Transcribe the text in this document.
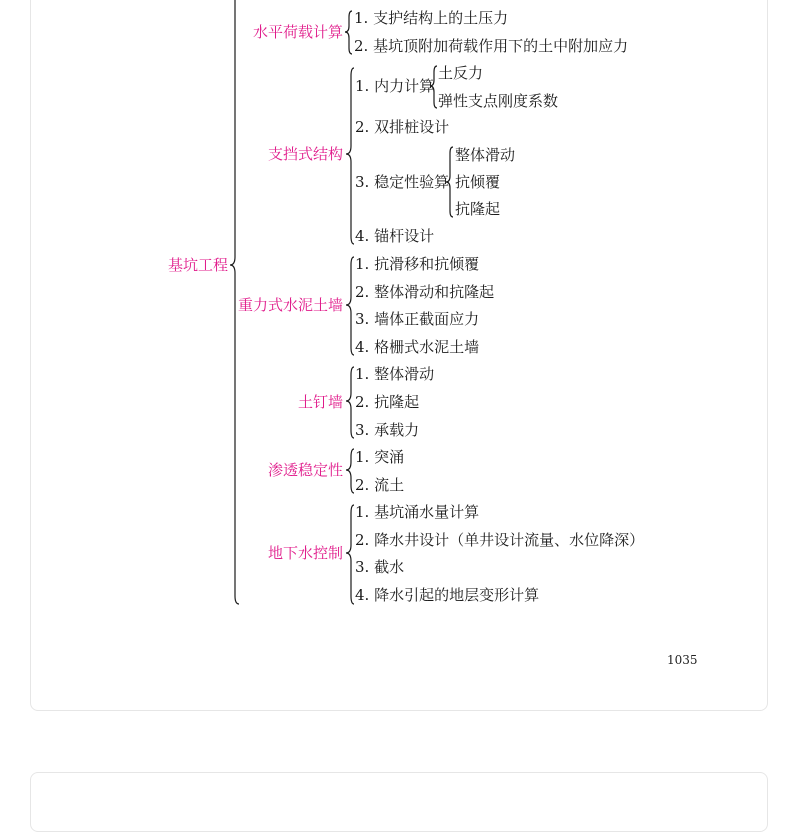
基坑工程
水平荷载计算
1. 支护结构上的土压力
2. 基坑顶附加荷载作用下的土中附加应力
支挡式结构
1. 内力计算
土反力
弹性支点刚度系数
2. 双排桩设计
3. 稳定性验算
整体滑动
抗倾覆
抗隆起
4. 锚杆设计
重力式水泥土墙
1. 抗滑移和抗倾覆
2. 整体滑动和抗隆起
3. 墙体正截面应力
4. 格栅式水泥土墙
土钉墙
1. 整体滑动
2. 抗隆起
3. 承载力
渗透稳定性
1. 突涌
2. 流土
地下水控制
1. 基坑涌水量计算
2. 降水井设计（单井设计流量、水位降深）
3. 截水
4. 降水引起的地层变形计算
1035
